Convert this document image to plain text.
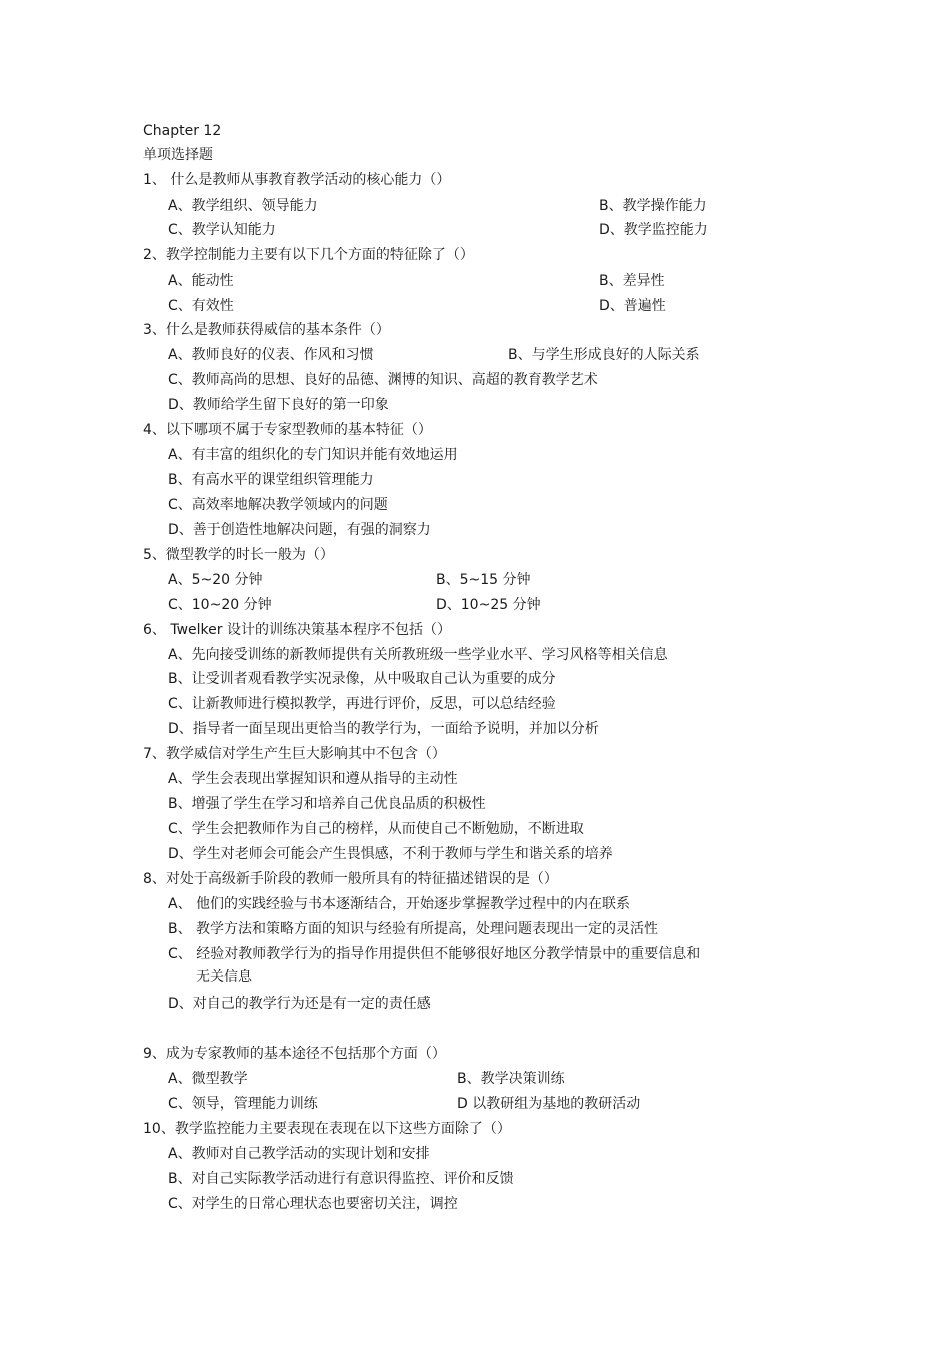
Chapter 12
单项选择题
1、 什么是教师从事教育教学活动的核心能力（）
A、教学组织、领导能力	B、教学操作能力
C、教学认知能力	D、教学监控能力
2、教学控制能力主要有以下几个方面的特征除了（）
A、能动性	B、差异性
C、有效性	D、普遍性
3、什么是教师获得威信的基本条件（）
A、教师良好的仪表、作风和习惯	B、与学生形成良好的人际关系
C、教师高尚的思想、良好的品德、渊博的知识、高超的教育教学艺术
D、教师给学生留下良好的第一印象
4、以下哪项不属于专家型教师的基本特征（）
A、有丰富的组织化的专门知识并能有效地运用
B、有高水平的课堂组织管理能力
C、高效率地解决教学领域内的问题
D、善于创造性地解决问题，有强的洞察力
5、微型教学的时长一般为（）
A、5~20 分钟	B、5~15 分钟
C、10~20 分钟	D、10~25 分钟
6、 Twelker 设计的训练决策基本程序不包括（）
A、先向接受训练的新教师提供有关所教班级一些学业水平、学习风格等相关信息
B、让受训者观看教学实况录像，从中吸取自己认为重要的成分
C、让新教师进行模拟教学，再进行评价，反思，可以总结经验
D、指导者一面呈现出更恰当的教学行为，一面给予说明，并加以分析
7、教学威信对学生产生巨大影响其中不包含（）
A、学生会表现出掌握知识和遵从指导的主动性
B、增强了学生在学习和培养自己优良品质的积极性
C、学生会把教师作为自己的榜样，从而使自己不断勉励，不断进取
D、学生对老师会可能会产生畏惧感，不利于教师与学生和谐关系的培养
8、对处于高级新手阶段的教师一般所具有的特征描述错误的是（）
A、 他们的实践经验与书本逐渐结合，开始逐步掌握教学过程中的内在联系
B、 教学方法和策略方面的知识与经验有所提高，处理问题表现出一定的灵活性
C、 经验对教师教学行为的指导作用提供但不能够很好地区分教学情景中的重要信息和
无关信息
D、对自己的教学行为还是有一定的责任感
9、成为专家教师的基本途径不包括那个方面（）
A、微型教学	B、教学决策训练
C、领导，管理能力训练	D 以教研组为基地的教研活动
10、教学监控能力主要表现在表现在以下这些方面除了（）
A、教师对自己教学活动的实现计划和安排
B、对自己实际教学活动进行有意识得监控、评价和反馈
C、对学生的日常心理状态也要密切关注，调控
